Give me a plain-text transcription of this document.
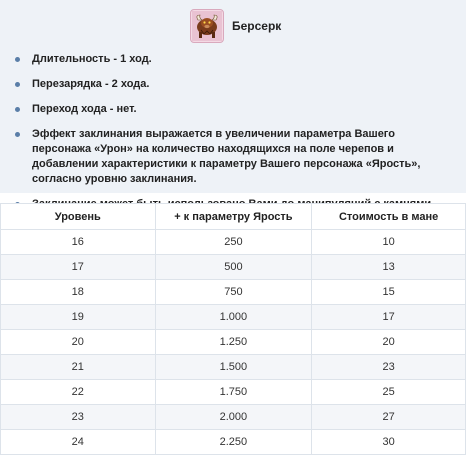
Берсерк
Длительность - 1 ход.
Перезарядка - 2 хода.
Переход хода - нет.
Эффект заклинания выражается в увеличении параметра Вашего персонажа «Урон» на количество находящихся на поле черепов и добавлении характеристики к параметру Вашего персонажа «Ярость», согласно уровню заклинания.
Уровень	+ к параметру Ярость	Стоимость в мане
16	250	10
17	500	13
18	750	15
19	1.000	17
20	1.250	20
21	1.500	23
22	1.750	25
23	2.000	27
24	2.250	30
